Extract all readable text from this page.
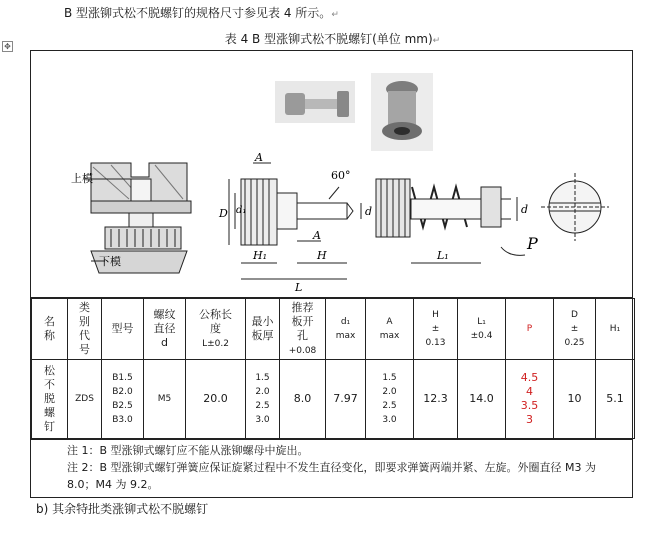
B 型涨铆式松不脱螺钉的规格尺寸参见表 4 所示。↵
✥
表 4 B 型涨铆式松不脱螺钉(单位 mm)↵
上模
下模
A
D d₁
H₁	H
A
L
60°
d
L₁
d
P
名
称	类
别
代
号	型号	螺纹
直径
d	公称长
度
L±0.2	最小
板厚	推荐
板开
孔
+0.08	d₁
max	A
max	H
±
0.13	L₁
±0.4	P	D
±
0.25	H₁
松
不
脱
螺
钉	ZDS	B1.5
B2.0
B2.5
B3.0	M5	20.0	1.5
2.0
2.5
3.0	8.0	7.97	1.5
2.0
2.5
3.0	12.3	14.0	4.5
4
3.5
3	10	5.1
注 1：B 型涨铆式螺钉应不能从涨铆螺母中旋出。
注 2：B 型涨铆式螺钉弹簧应保证旋紧过程中不发生直径变化，即要求弹簧两端并紧、左旋。外圈直径 M3 为 8.0；M4 为 9.2。
b) 其余特批类涨铆式松不脱螺钉
